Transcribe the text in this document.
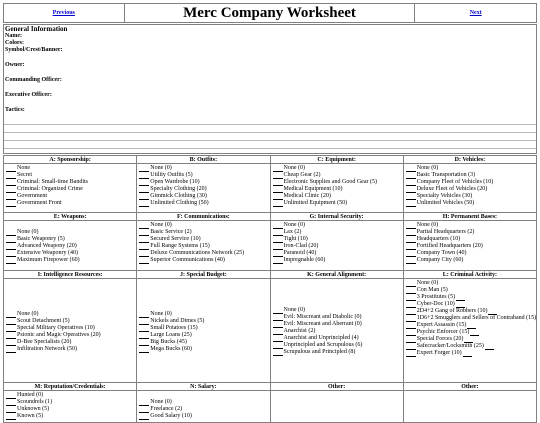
Previous	Merc Company Worksheet	Next
General Information
Name:
Colors:
Symbol/Crest/Banner:
Owner:
Commanding Officer:
Executive Officer:
Tactics:
A: Sponsorship:
None
Secret
Criminal: Small-time Bandits
Criminal: Organized Crime
Government
Government Front
B: Outfits:
None (0)
Utility Outfits (5)
Open Wardrobe (10)
Specialty Clothing (20)
Gimmick Clothing (30)
Unlimited Clothing (50)
C: Equipment:
None (0)
Cheap Gear (2)
Electronic Supplies and Good Gear (5)
Medical Equipment (10)
Medical Clinic (20)
Unlimited Equipment (50)
D: Vehicles:
None (0)
Basic Transportation (3)
Company Fleet of Vehicles (10)
Deluxe Fleet of Vehicles (20)
Specialty Vehicles (30)
Unlimited Vehicles (50)
E: Weapons:
None (0)
Basic Weaponry (5)
Advanced Weapony (20)
Extensive Weaponry (40)
Maximum Firepower (60)
F: Communications:
None (0)
Basic Service (2)
Secured Service (10)
Full Range Systems (15)
Deluxe Communications Network (25)
Superior Communications (40)
G: Internal Security:
None (0)
Lax (2)
Tight (10)
Iron-Clad (20)
Paranoid (40)
Impregnable (60)
H: Permanent Bases:
None (0)
Partial Headquarters (2)
Headquarters (10)
Fortified Headquarters (20)
Company Town (40)
Company City (60)
I: Intelligence Resources:
None (0)
Scout Detachment (5)
Special Military Operatives (10)
Psionic and Magic Operatives (20)
D-Bee Specialists (20)
Infiltration Network (50)
J: Special Budget:
None (0)
Nickels and Dimes (5)
Small Potatoes (15)
Large Loans (25)
Big Bucks (45)
Mega Bucks (60)
K: General Alignment:
None (0)
Evil: Miscreant and Diabolic (0)
Evil: Miscreant and Aberrant (0)
Anarchist (2)
Anarchist and Unprincipled (4)
Unprincipled and Scrupulous (6)
Scrupulous and Principled (8)
L: Criminal Activity:
None (0)
Con Man (5)
3 Prostitutes (5)
Cyber-Doc (10)
2D4+2 Gang of Robbers (10)
1D6+2 Smugglers and Sellers of Contraband (15)
Expert Assassin (15)
Psychic Enforcer (15)
Special Forces (20)
Safecracker/Locksmith (25)
Expert Forger (10)
M: Reputation/Credentials:
Hunted (0)
Scoundrels (1)
Unknown (5)
Known (5)
N: Salary:
None (0)
Freelance (2)
Good Salary (10)
Other:	Other:
